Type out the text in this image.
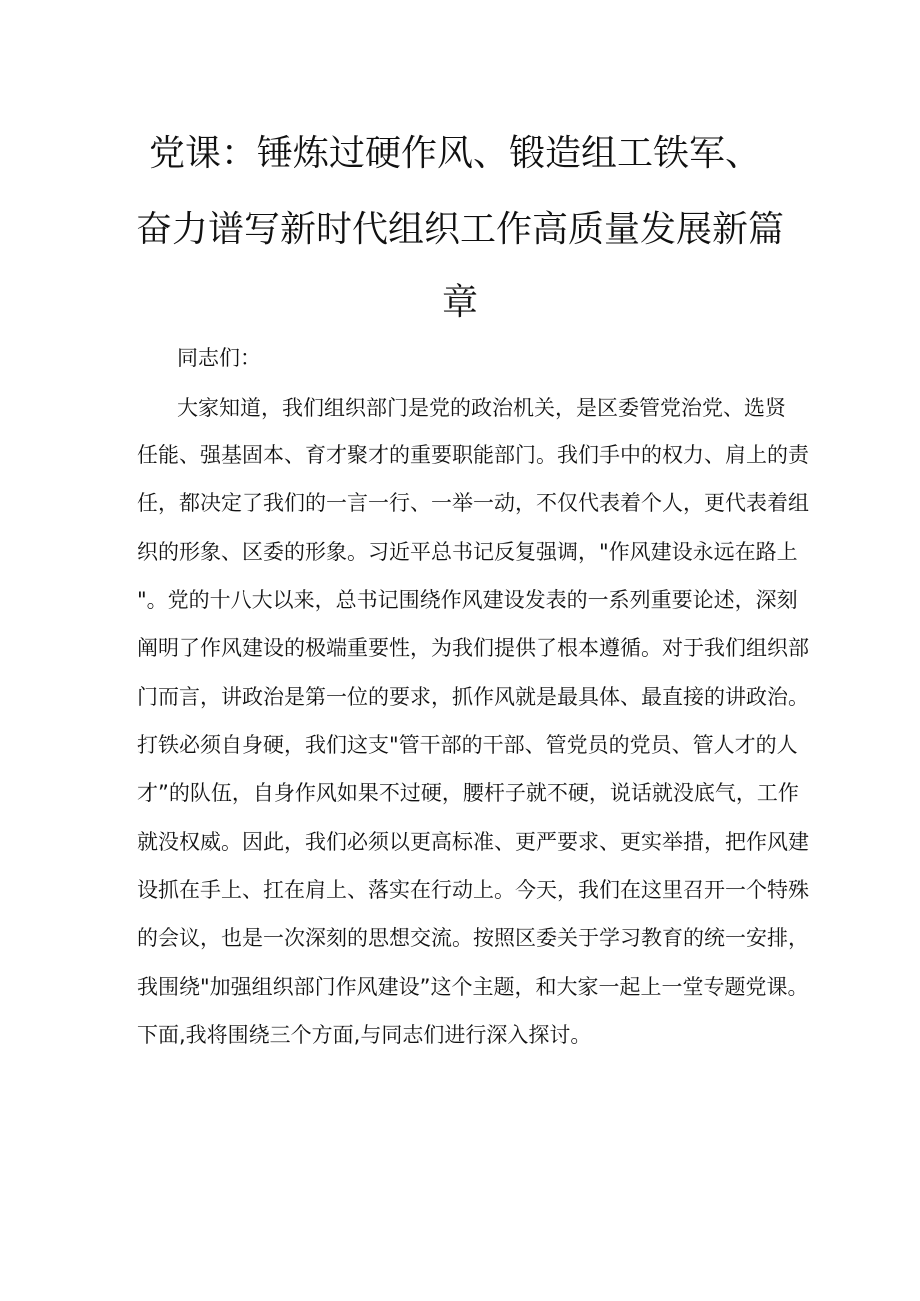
党课：锤炼过硬作风、锻造组工铁军、
奋力谱写新时代组织工作高质量发展新篇
章
同志们：
大家知道，我们组织部门是党的政治机关，是区委管党治党、选贤
任能、强基固本、育才聚才的重要职能部门。我们手中的权力、肩上的责
任，都决定了我们的一言一行、一举一动，不仅代表着个人，更代表着组
织的形象、区委的形象。习近平总书记反复强调，"作风建设永远在路上
"。党的十八大以来，总书记围绕作风建设发表的一系列重要论述，深刻
阐明了作风建设的极端重要性，为我们提供了根本遵循。对于我们组织部
门而言，讲政治是第一位的要求，抓作风就是最具体、最直接的讲政治。
打铁必须自身硬，我们这支"管干部的干部、管党员的党员、管人才的人
才”的队伍，自身作风如果不过硬，腰杆子就不硬，说话就没底气，工作
就没权威。因此，我们必须以更高标准、更严要求、更实举措，把作风建
设抓在手上、扛在肩上、落实在行动上。今天，我们在这里召开一个特殊
的会议，也是一次深刻的思想交流。按照区委关于学习教育的统一安排，
我围绕"加强组织部门作风建设”这个主题，和大家一起上一堂专题党课。
下面,我将围绕三个方面,与同志们进行深入探讨。
